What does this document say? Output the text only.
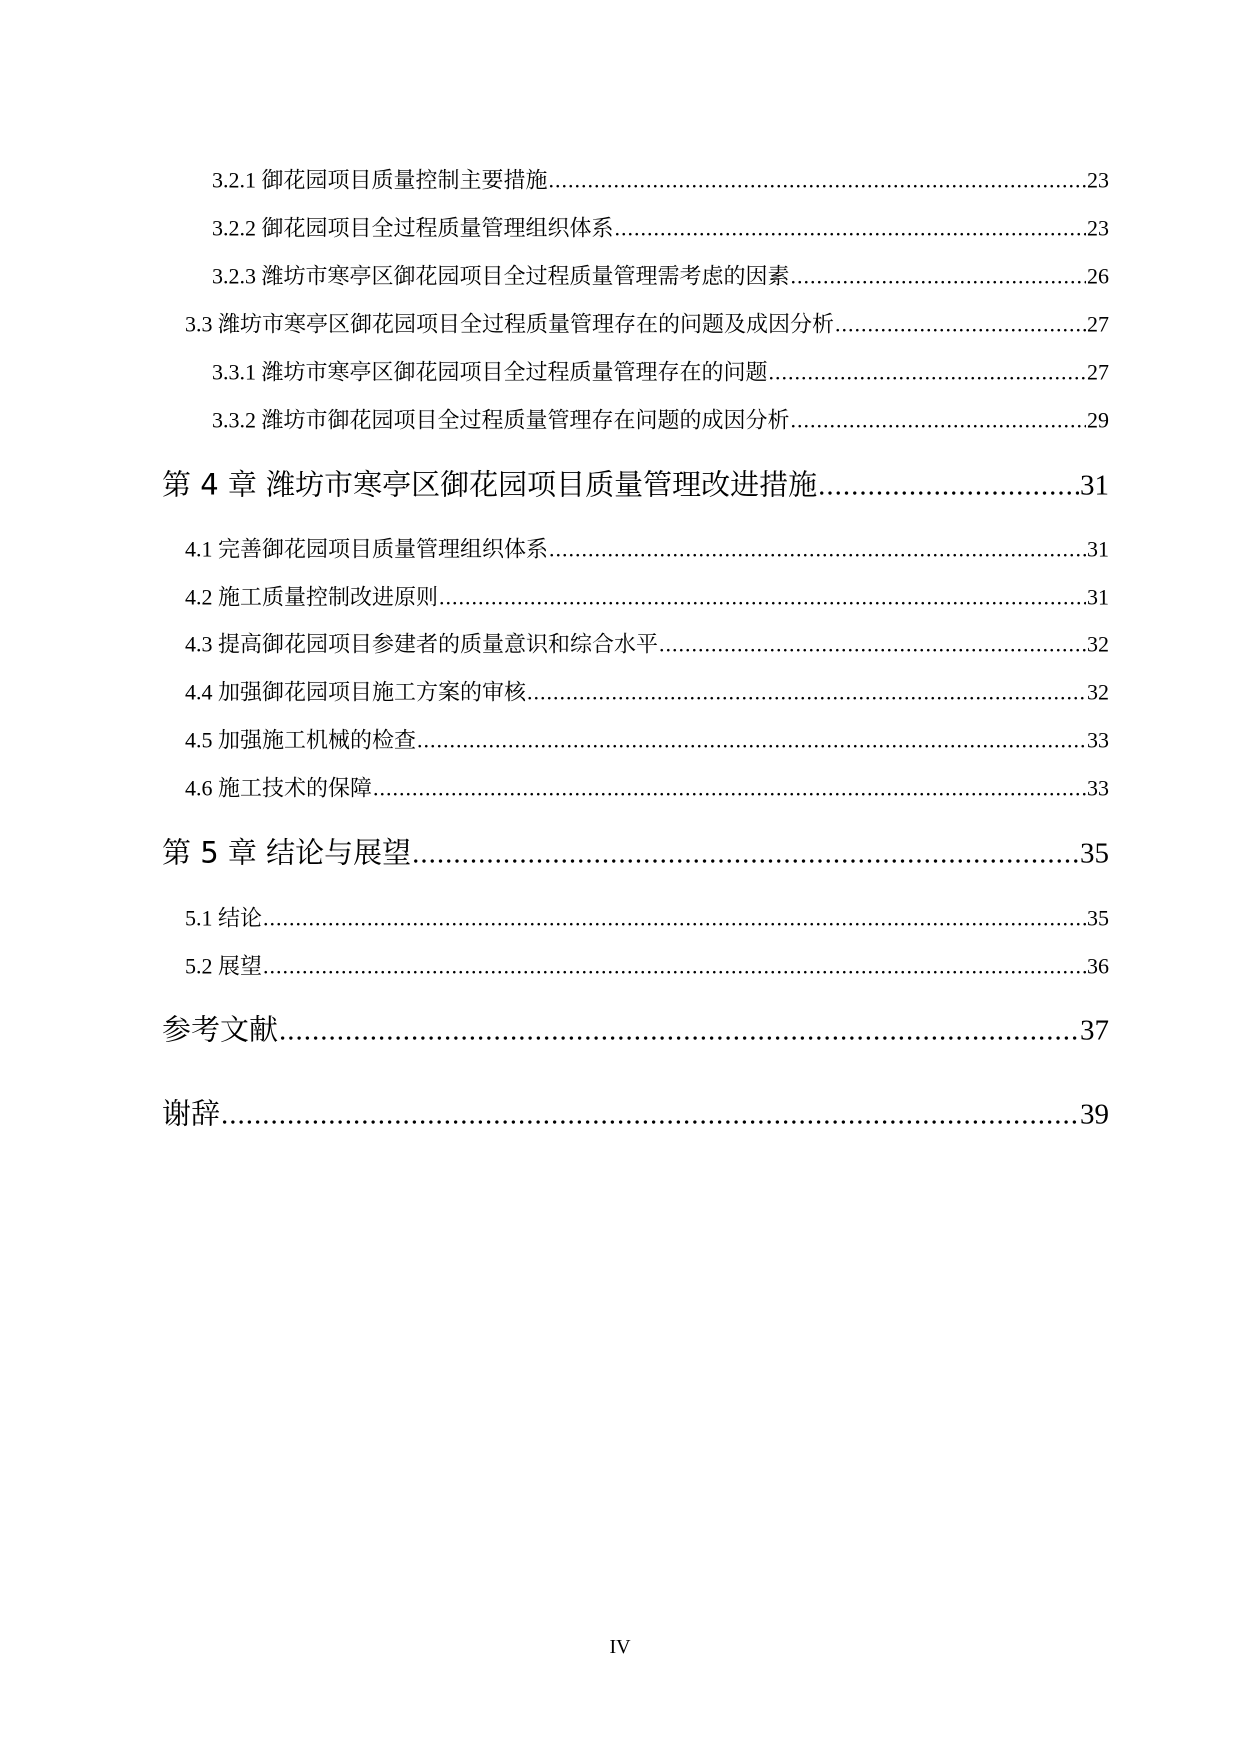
3.2.1 御花园项目质量控制主要措施 .....	23
3.2.2 御花园项目全过程质量管理组织体系 .....	23
3.2.3 潍坊市寒亭区御花园项目全过程质量管理需考虑的因素 .....	26
3.3 潍坊市寒亭区御花园项目全过程质量管理存在的问题及成因分析 .....	27
3.3.1 潍坊市寒亭区御花园项目全过程质量管理存在的问题 .....	27
3.3.2 潍坊市御花园项目全过程质量管理存在问题的成因分析 .....	29
第 4 章 潍坊市寒亭区御花园项目质量管理改进措施 .....	31
4.1 完善御花园项目质量管理组织体系 .....	31
4.2 施工质量控制改进原则 .....	31
4.3 提高御花园项目参建者的质量意识和综合水平 .....	32
4.4 加强御花园项目施工方案的审核 .....	32
4.5 加强施工机械的检查 .....	33
4.6 施工技术的保障 .....	33
第 5 章 结论与展望 .....	35
5.1 结论 .....	35
5.2 展望 .....	36
参考文献 .....	37
谢辞 .....	39
IV
